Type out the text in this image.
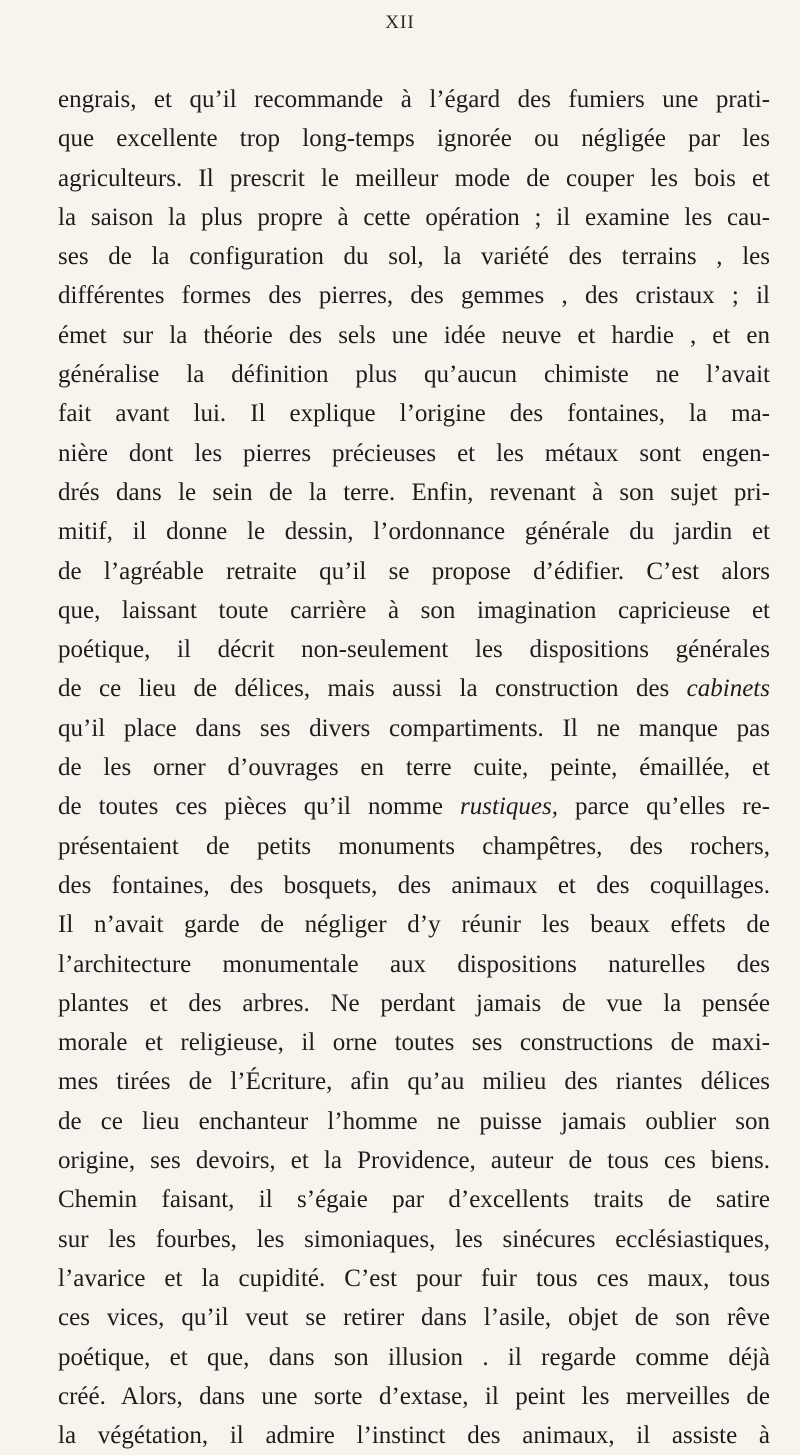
XII
engrais, et qu’il recommande à l’égard des fumiers une prati-
que excellente trop long-temps ignorée ou négligée par les
agriculteurs. Il prescrit le meilleur mode de couper les bois et
la saison la plus propre à cette opération ; il examine les cau-
ses de la configuration du sol, la variété des terrains , les
différentes formes des pierres, des gemmes , des cristaux ; il
émet sur la théorie des sels une idée neuve et hardie , et en
généralise la définition plus qu’aucun chimiste ne l’avait
fait avant lui. Il explique l’origine des fontaines, la ma-
nière dont les pierres précieuses et les métaux sont engen-
drés dans le sein de la terre. Enfin, revenant à son sujet pri-
mitif, il donne le dessin, l’ordonnance générale du jardin et
de l’agréable retraite qu’il se propose d’édifier. C’est alors
que, laissant toute carrière à son imagination capricieuse et
poétique, il décrit non-seulement les dispositions générales
de ce lieu de délices, mais aussi la construction des cabinets
qu’il place dans ses divers compartiments. Il ne manque pas
de les orner d’ouvrages en terre cuite, peinte, émaillée, et
de toutes ces pièces qu’il nomme rustiques, parce qu’elles re-
présentaient de petits monuments champêtres, des rochers,
des fontaines, des bosquets, des animaux et des coquillages.
Il n’avait garde de négliger d’y réunir les beaux effets de
l’architecture monumentale aux dispositions naturelles des
plantes et des arbres. Ne perdant jamais de vue la pensée
morale et religieuse, il orne toutes ses constructions de maxi-
mes tirées de l’Écriture, afin qu’au milieu des riantes délices
de ce lieu enchanteur l’homme ne puisse jamais oublier son
origine, ses devoirs, et la Providence, auteur de tous ces biens.
Chemin faisant, il s’égaie par d’excellents traits de satire
sur les fourbes, les simoniaques, les sinécures ecclésiastiques,
l’avarice et la cupidité. C’est pour fuir tous ces maux, tous
ces vices, qu’il veut se retirer dans l’asile, objet de son rêve
poétique, et que, dans son illusion . il regarde comme déjà
créé. Alors, dans une sorte d’extase, il peint les merveilles de
la végétation, il admire l’instinct des animaux, il assiste à
